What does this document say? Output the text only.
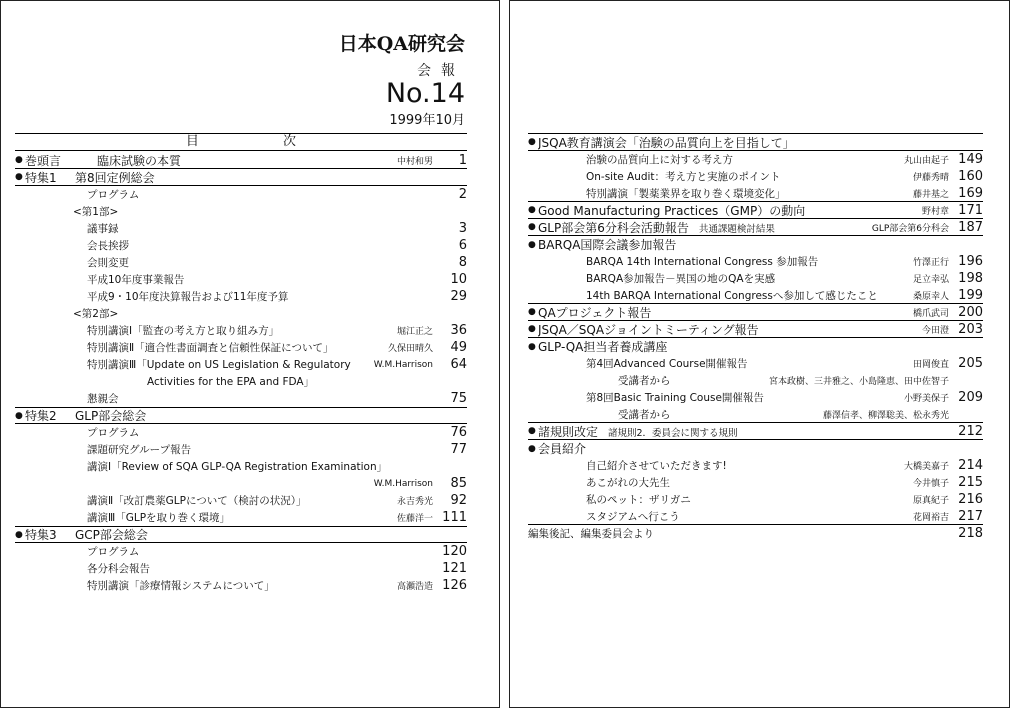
日本QA研究会
会報
No.14
1999年10月
目 次
● 巻頭言	臨床試験の本質	中村和男	1
● 特集1	第8回定例総会
プログラム	2
<第1部>
議事録	3
会長挨拶	6
会則変更	8
平成10年度事業報告	10
平成9・10年度決算報告および11年度予算	29
<第2部>
特別講演Ⅰ「監査の考え方と取り組み方」	堀江正之	36
特別講演Ⅱ「適合性書面調査と信頼性保証について」	久保田晴久	49
特別講演Ⅲ「Update on US Legislation & Regulatory	W.M.Harrison	64
Activities for the EPA and FDA」
懇親会	75
● 特集2	GLP部会総会
プログラム	76
課題研究グループ報告	77
講演Ⅰ「Review of SQA GLP-QA Registration Examination」
W.M.Harrison	85
講演Ⅱ「改訂農薬GLPについて（検討の状況）」	永吉秀光	92
講演Ⅲ「GLPを取り巻く環境」	佐藤洋一 111
● 特集3	GCP部会総会
プログラム	120
各分科会報告	121
特別講演「診療情報システムについて」	高瀬浩造 126
● JSQA教育講演会「治験の品質向上を目指して」
治験の品質向上に対する考え方	丸山由起子 149
On-site Audit：考え方と実施のポイント	伊藤秀晴 160
特別講演「製薬業界を取り巻く環境変化」	藤井基之 169
● Good Manufacturing Practices（GMP）の動向	野村章 171
● GLP部会第6分科会活動報告 共通課題検討結果	GLP部会第6分科会 187
● BARQA国際会議参加報告
BARQA 14th International Congress 参加報告	竹澤正行 196
BARQA参加報告－異国の地のQAを実感	足立幸弘 198
14th BARQA International Congressへ参加して感じたこと	桑原幸人 199
● QAプロジェクト報告	橋爪武司 200
● JSQA／SQAジョイントミーティング報告	今田澄 203
● GLP-QA担当者養成講座
第4回Advanced Course開催報告	田岡俊直 205
受講者から	宮本政樹、三井雅之、小島隆恵、田中佐智子
第8回Basic Training Couse開催報告	小野美保子 209
受講者から	藤澤信孝、柳澤聡美、松永秀光
● 諸規則改定 諸規則2．委員会に関する規則	212
● 会員紹介
自己紹介させていただきます!	大橋美嘉子 214
あこがれの大先生	今井慎子 215
私のペット：ザリガニ	原真紀子 216
スタジアムへ行こう	花岡裕吉 217
編集後記、編集委員会より	218
